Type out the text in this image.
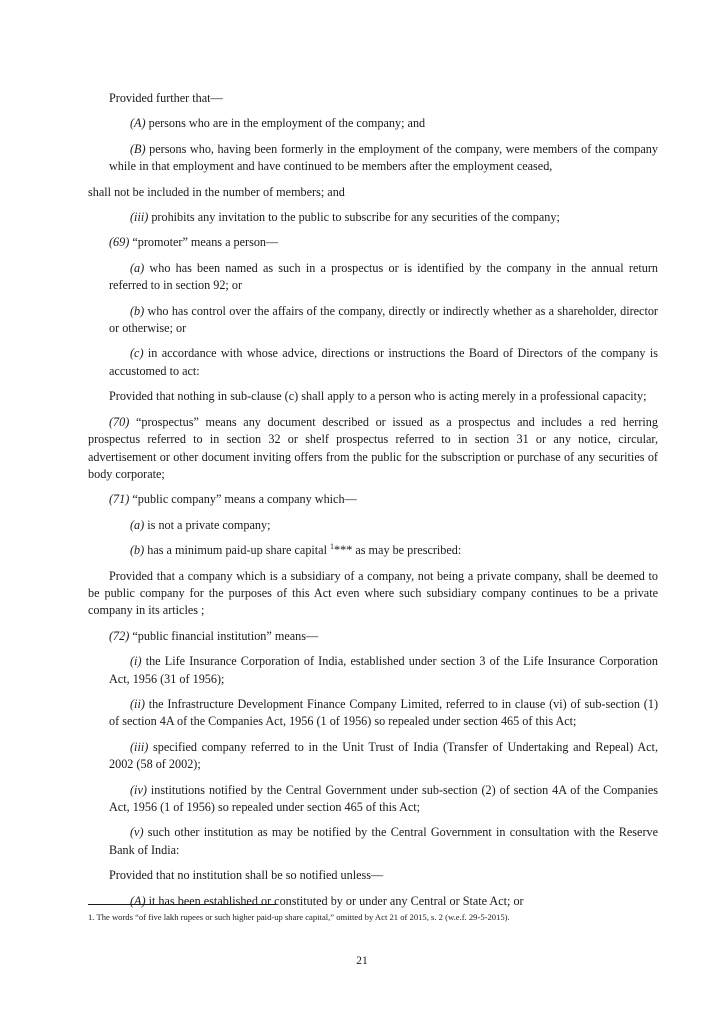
Provided further that—

(A) persons who are in the employment of the company; and

(B) persons who, having been formerly in the employment of the company, were members of the company while in that employment and have continued to be members after the employment ceased,

shall not be included in the number of members; and

(iii) prohibits any invitation to the public to subscribe for any securities of the company;

(69) “promoter” means a person—

(a) who has been named as such in a prospectus or is identified by the company in the annual return referred to in section 92; or

(b) who has control over the affairs of the company, directly or indirectly whether as a shareholder, director or otherwise; or

(c) in accordance with whose advice, directions or instructions the Board of Directors of the company is accustomed to act:

Provided that nothing in sub-clause (c) shall apply to a person who is acting merely in a professional capacity;

(70) “prospectus” means any document described or issued as a prospectus and includes a red herring prospectus referred to in section 32 or shelf prospectus referred to in section 31 or any notice, circular, advertisement or other document inviting offers from the public for the subscription or purchase of any securities of body corporate;

(71) “public company” means a company which—

(a) is not a private company;

(b) has a minimum paid-up share capital $^1$*** as may be prescribed:

Provided that a company which is a subsidiary of a company, not being a private company, shall be deemed to be public company for the purposes of this Act even where such subsidiary company continues to be a private company in its articles ;

(72) “public financial institution” means—

(i) the Life Insurance Corporation of India, established under section 3 of the Life Insurance Corporation Act, 1956 (31 of 1956);

(ii) the Infrastructure Development Finance Company Limited, referred to in clause (vi) of sub-section (1) of section 4A of the Companies Act, 1956 (1 of 1956) so repealed under section 465 of this Act;

(iii) specified company referred to in the Unit Trust of India (Transfer of Undertaking and Repeal) Act, 2002 (58 of 2002);

(iv) institutions notified by the Central Government under sub-section (2) of section 4A of the Companies Act, 1956 (1 of 1956) so repealed under section 465 of this Act;

(v) such other institution as may be notified by the Central Government in consultation with the Reserve Bank of India:

Provided that no institution shall be so notified unless—

(A) it has been established or constituted by or under any Central or State Act; or

1. The words “of five lakh rupees or such higher paid-up share capital,” omitted by Act 21 of 2015, s. 2 (w.e.f. 29-5-2015).
21
